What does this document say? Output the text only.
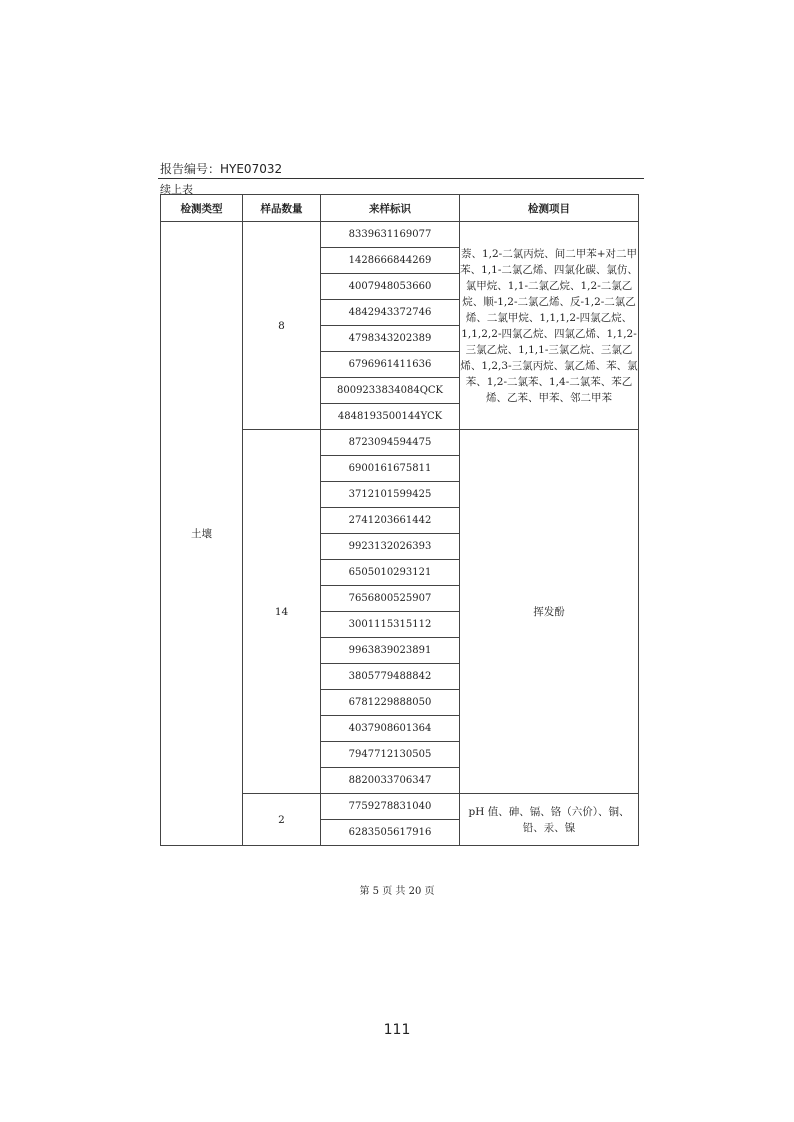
报告编号：HYE07032
续上表
检测类型	样品数量	来样标识	检测项目
土壤	8	8339631169077	萘、1,2-二氯丙烷、间二甲苯+对二甲苯、1,1-二氯乙烯、四氯化碳、氯仿、氯甲烷、1,1-二氯乙烷、1,2-二氯乙烷、顺-1,2-二氯乙烯、反-1,2-二氯乙烯、二氯甲烷、1,1,1,2-四氯乙烷、1,1,2,2-四氯乙烷、四氯乙烯、1,1,2-三氯乙烷、1,1,1-三氯乙烷、三氯乙烯、1,2,3-三氯丙烷、氯乙烯、苯、氯苯、1,2-二氯苯、1,4-二氯苯、苯乙烯、乙苯、甲苯、邻二甲苯
		1428666844269	
		4007948053660	
		4842943372746	
		4798343202389	
		6796961411636	
		8009233834084QCK	
		4848193500144YCK	
	14	8723094594475	挥发酚
		6900161675811	
		3712101599425	
		2741203661442	
		9923132026393	
		6505010293121	
		7656800525907	
		3001115315112	
		9963839023891	
		3805779488842	
		6781229888050	
		4037908601364	
		7947712130505	
		8820033706347	
	2	7759278831040	pH 值、砷、镉、铬（六价）、铜、铅、汞、镍
		6283505617916	
第 5 页 共 20 页
111
